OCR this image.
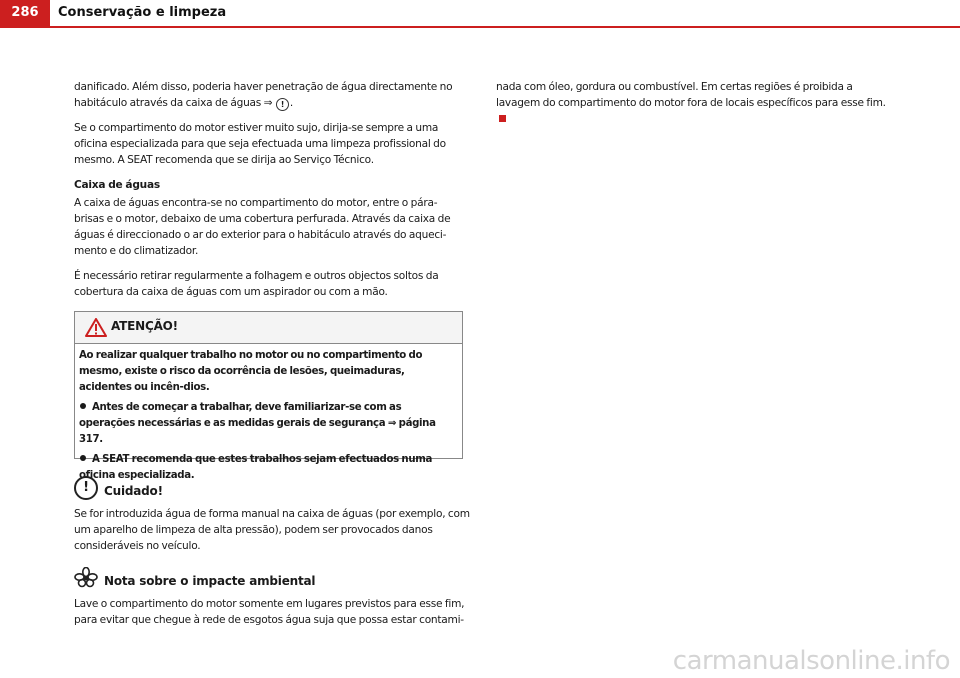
286	Conservação e limpeza

danificado. Além disso, poderia haver penetração de água directamente no habitáculo através da caixa de águas ⇒ ! .

Se o compartimento do motor estiver muito sujo, dirija-se sempre a uma oficina especializada para que seja efectuada uma limpeza profissional do mesmo. A SEAT recomenda que se dirija ao Serviço Técnico.

Caixa de águas

A caixa de águas encontra-se no compartimento do motor, entre o pára-brisas e o motor, debaixo de uma cobertura perfurada. Através da caixa de águas é direccionado o ar do exterior para o habitáculo através do aqueci-mento e do climatizador.

É necessário retirar regularmente a folhagem e outros objectos soltos da cobertura da caixa de águas com um aspirador ou com a mão.

ATENÇÃO!

Ao realizar qualquer trabalho no motor ou no compartimento do mesmo, existe o risco da ocorrência de lesões, queimaduras, acidentes ou incên-dios.

Antes de começar a trabalhar, deve familiarizar-se com as operações necessárias e as medidas gerais de segurança ⇒ página 317.

A SEAT recomenda que estes trabalhos sejam efectuados numa oficina especializada.

!	Cuidado!
Se for introduzida água de forma manual na caixa de águas (por exemplo, com um aparelho de limpeza de alta pressão), podem ser provocados danos consideráveis no veículo.
Nota sobre o impacte ambiental
Lave o compartimento do motor somente em lugares previstos para esse fim, para evitar que chegue à rede de esgotos água suja que possa estar contami-

nada com óleo, gordura ou combustível. Em certas regiões é proibida a lavagem do compartimento do motor fora de locais específicos para esse fim.

carmanualsonline.info
